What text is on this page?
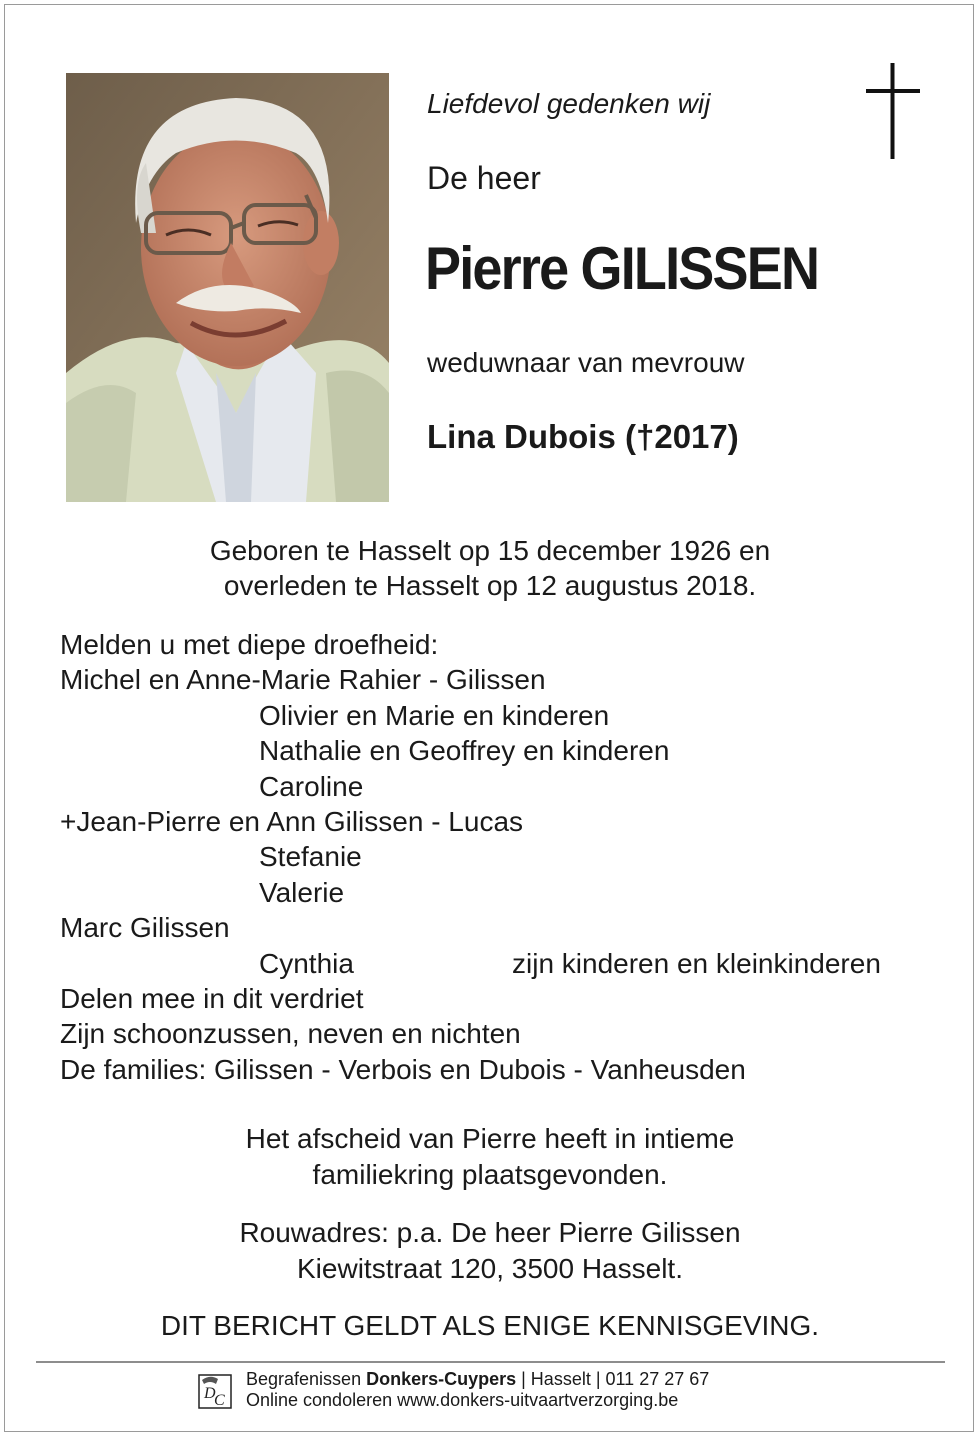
Liefdevol gedenken wij
De heer
Pierre GILISSEN
weduwnaar van mevrouw
Lina Dubois (†2017)
Geboren te Hasselt op 15 december 1926 en
overleden te Hasselt op 12 augustus 2018.
Melden u met diepe droefheid:
Michel en Anne-Marie Rahier - Gilissen
Olivier en Marie en kinderen
Nathalie en Geoffrey en kinderen
Caroline
+Jean-Pierre en Ann Gilissen - Lucas
Stefanie
Valerie
Marc Gilissen
Cynthia	zijn kinderen en kleinkinderen
Delen mee in dit verdriet
Zijn schoonzussen, neven en nichten
De families: Gilissen - Verbois en Dubois - Vanheusden
Het afscheid van Pierre heeft in intieme
familiekring plaatsgevonden.
Rouwadres: p.a. De heer Pierre Gilissen
Kiewitstraat 120, 3500 Hasselt.
DIT BERICHT GELDT ALS ENIGE KENNISGEVING.
D
C
Begrafenissen Donkers-Cuypers | Hasselt | 011 27 27 67
Online condoleren www.donkers-uitvaartverzorging.be
